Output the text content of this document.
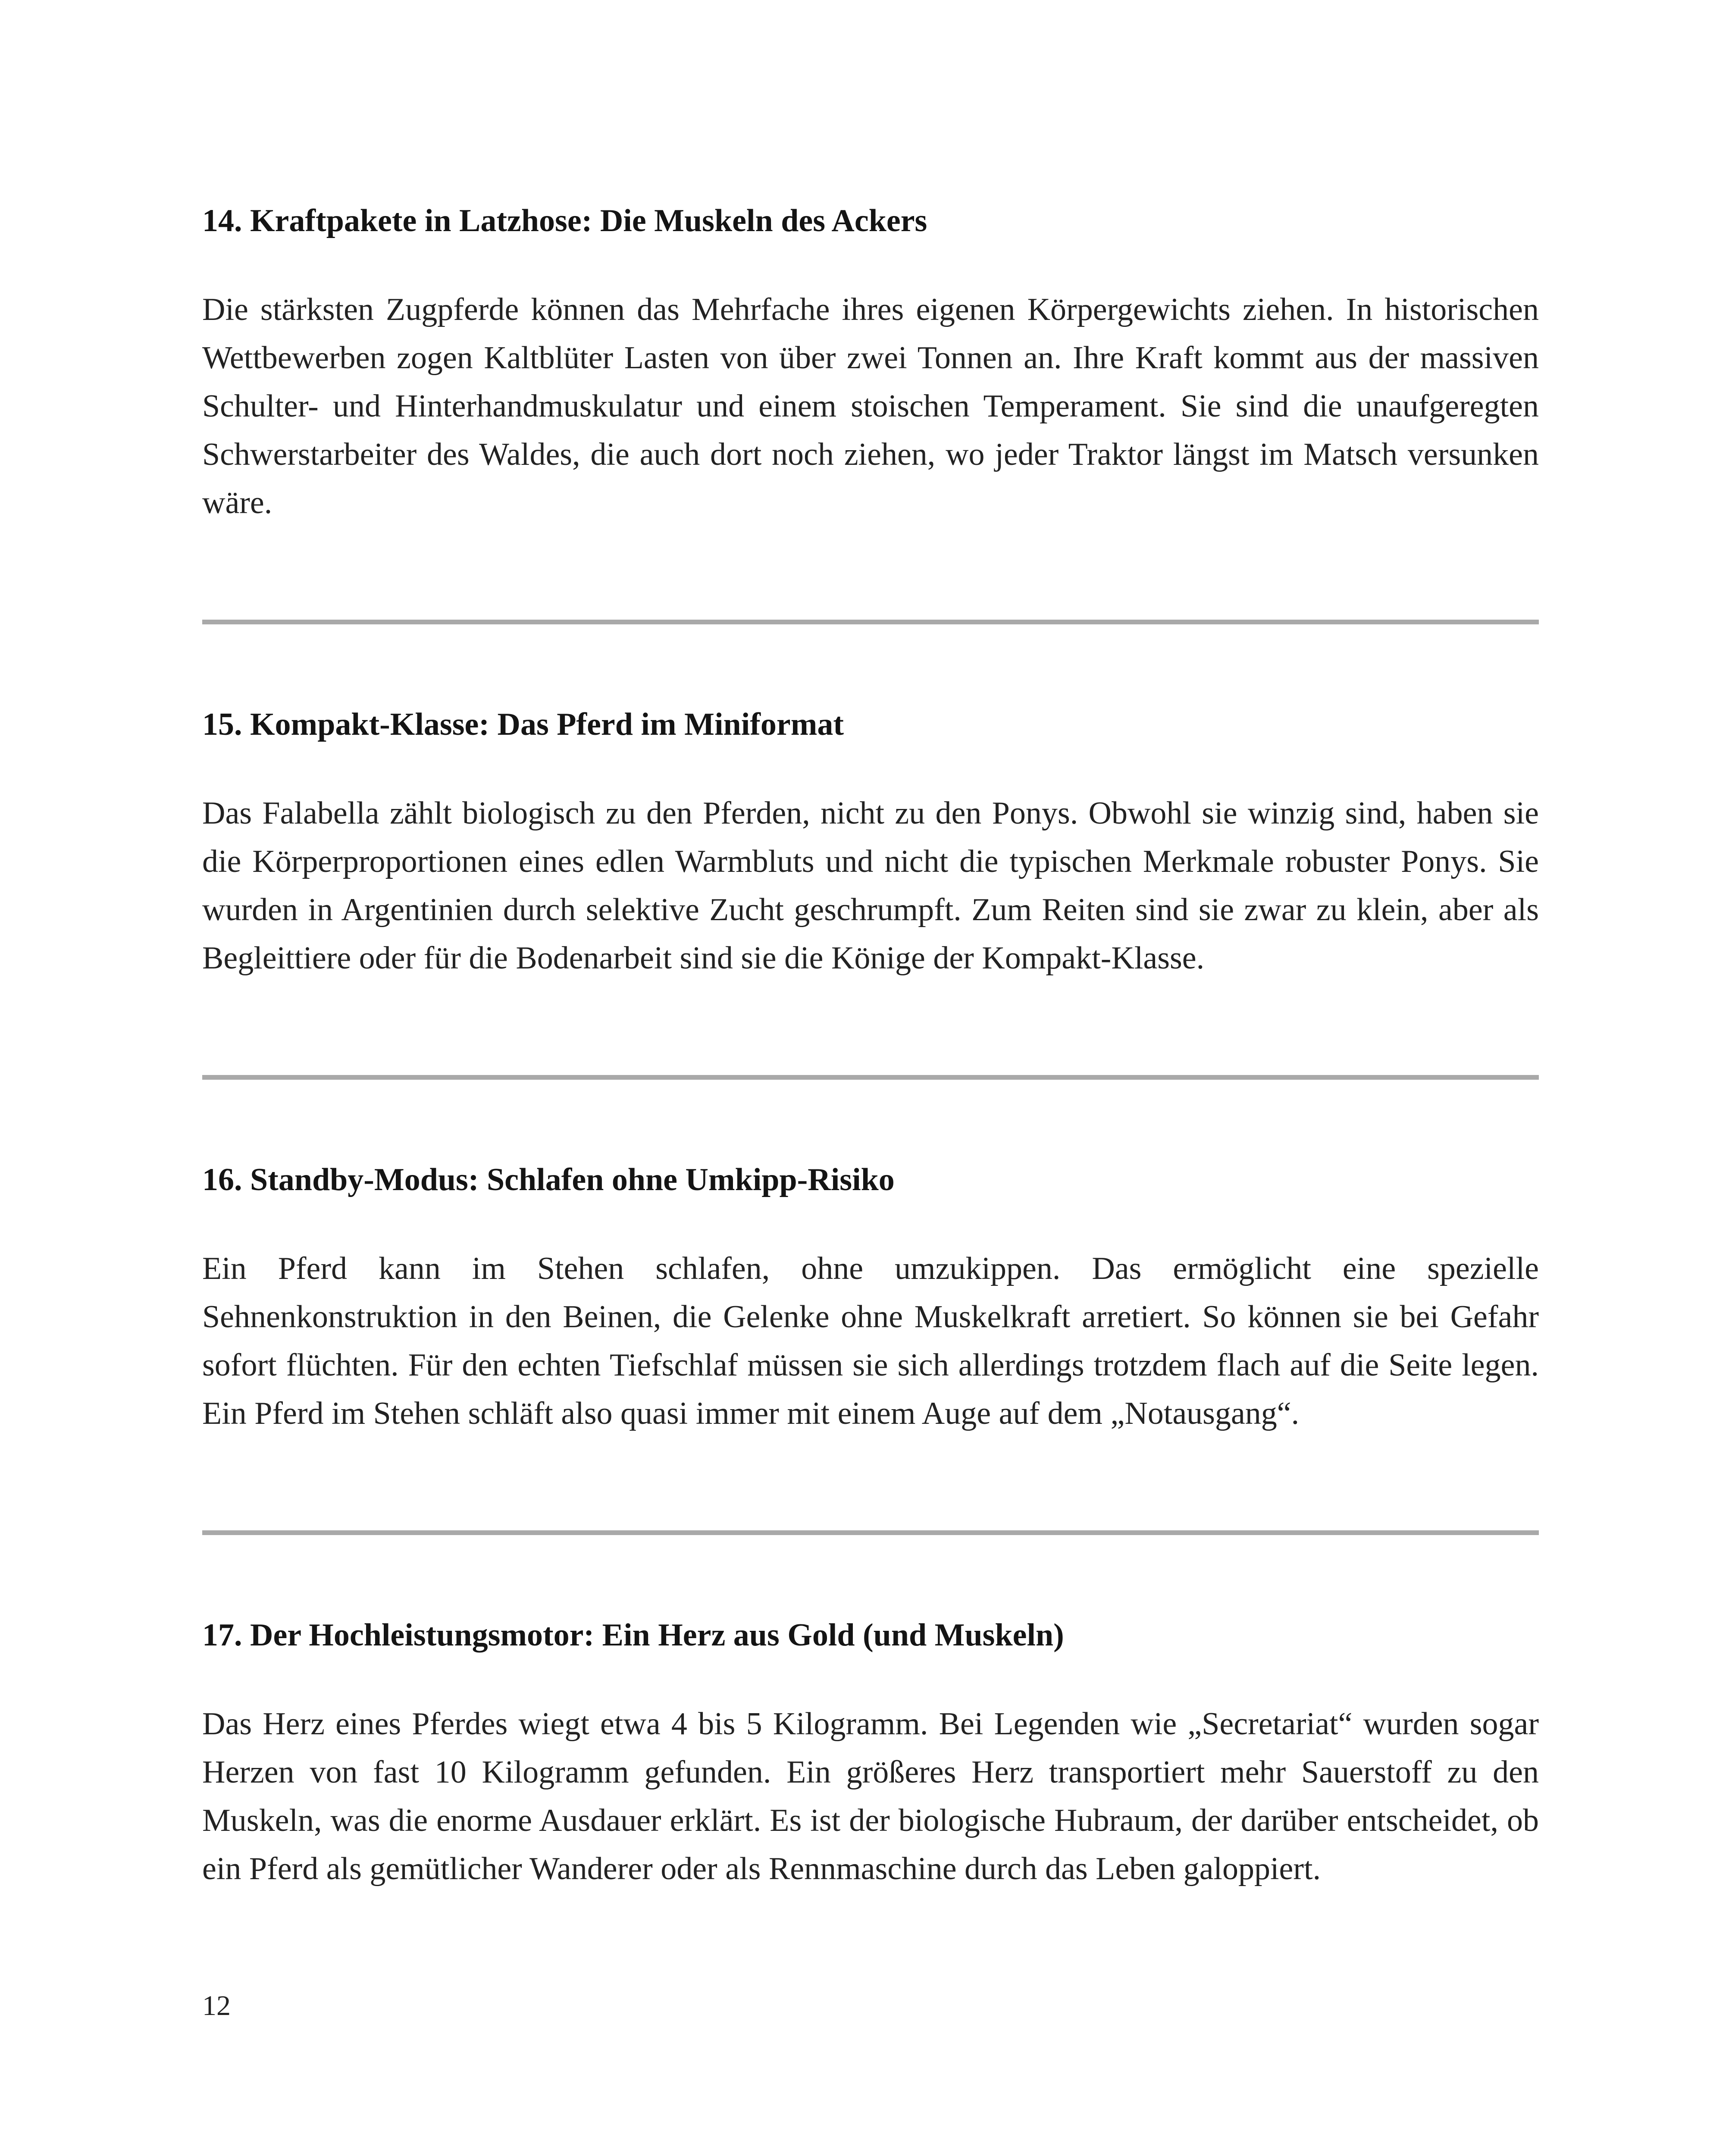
14. Kraftpakete in Latzhose: Die Muskeln des Ackers

Die stärksten Zugpferde können das Mehrfache ihres eigenen Körpergewichts ziehen. In historischen Wettbewerben zogen Kaltblüter Lasten von über zwei Tonnen an. Ihre Kraft kommt aus der massiven Schulter- und Hinterhandmuskulatur und einem stoischen Temperament. Sie sind die unaufgeregten Schwerstarbeiter des Waldes, die auch dort noch ziehen, wo jeder Traktor längst im Matsch versunken wäre.

15. Kompakt-Klasse: Das Pferd im Miniformat

Das Falabella zählt biologisch zu den Pferden, nicht zu den Ponys. Obwohl sie winzig sind, haben sie die Körperproportionen eines edlen Warmbluts und nicht die typischen Merkmale robuster Ponys. Sie wurden in Argentinien durch selektive Zucht geschrumpft. Zum Reiten sind sie zwar zu klein, aber als Begleittiere oder für die Bodenarbeit sind sie die Könige der Kompakt-Klasse.

16. Standby-Modus: Schlafen ohne Umkipp-Risiko

Ein Pferd kann im Stehen schlafen, ohne umzukippen. Das ermöglicht eine spezielle Sehnenkonstruktion in den Beinen, die Gelenke ohne Muskelkraft arretiert. So können sie bei Gefahr sofort flüchten. Für den echten Tiefschlaf müssen sie sich allerdings trotzdem flach auf die Seite legen. Ein Pferd im Stehen schläft also quasi immer mit einem Auge auf dem „Notausgang“.

17. Der Hochleistungsmotor: Ein Herz aus Gold (und Muskeln)

Das Herz eines Pferdes wiegt etwa 4 bis 5 Kilogramm. Bei Legenden wie „Secretariat“ wurden sogar Herzen von fast 10 Kilogramm gefunden. Ein größeres Herz transportiert mehr Sauerstoff zu den Muskeln, was die enorme Ausdauer erklärt. Es ist der biologische Hubraum, der darüber entscheidet, ob ein Pferd als gemütlicher Wanderer oder als Rennmaschine durch das Leben galoppiert.

12
